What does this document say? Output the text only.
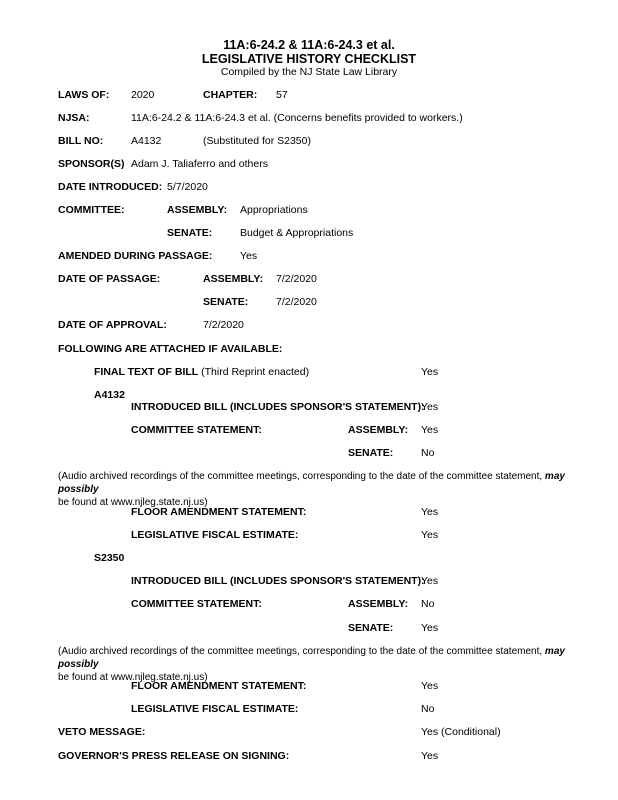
11A:6-24.2 & 11A:6-24.3 et al.
LEGISLATIVE HISTORY CHECKLIST
Compiled by the NJ State Law Library
LAWS OF: 2020	CHAPTER: 57
NJSA:	11A:6-24.2 & 11A:6-24.3 et al. (Concerns benefits provided to workers.)
BILL NO:	A4132	(Substituted for S2350)
SPONSOR(S) Adam J. Taliaferro and others
DATE INTRODUCED: 5/7/2020
COMMITTEE:	ASSEMBLY: Appropriations
SENATE:	Budget & Appropriations
AMENDED DURING PASSAGE:	Yes
DATE OF PASSAGE:	ASSEMBLY: 7/2/2020
SENATE:	7/2/2020
DATE OF APPROVAL:	7/2/2020
FOLLOWING ARE ATTACHED IF AVAILABLE:
FINAL TEXT OF BILL (Third Reprint enacted)	Yes
A4132
INTRODUCED BILL (INCLUDES SPONSOR'S STATEMENT):
Yes
COMMITTEE STATEMENT:	ASSEMBLY: Yes
SENATE:	No
(Audio archived recordings of the committee meetings, corresponding to the date of the committee statement, may possibly
be found at www.njleg.state.nj.us)
FLOOR AMENDMENT STATEMENT:	Yes
LEGISLATIVE FISCAL ESTIMATE:	Yes
S2350
INTRODUCED BILL (INCLUDES SPONSOR'S STATEMENT):
Yes
COMMITTEE STATEMENT:	ASSEMBLY: No
SENATE:	Yes
(Audio archived recordings of the committee meetings, corresponding to the date of the committee statement, may possibly
be found at www.njleg.state.nj.us)
FLOOR AMENDMENT STATEMENT:	Yes
LEGISLATIVE FISCAL ESTIMATE:	No
VETO MESSAGE:	Yes (Conditional)
GOVERNOR'S PRESS RELEASE ON SIGNING:	Yes
